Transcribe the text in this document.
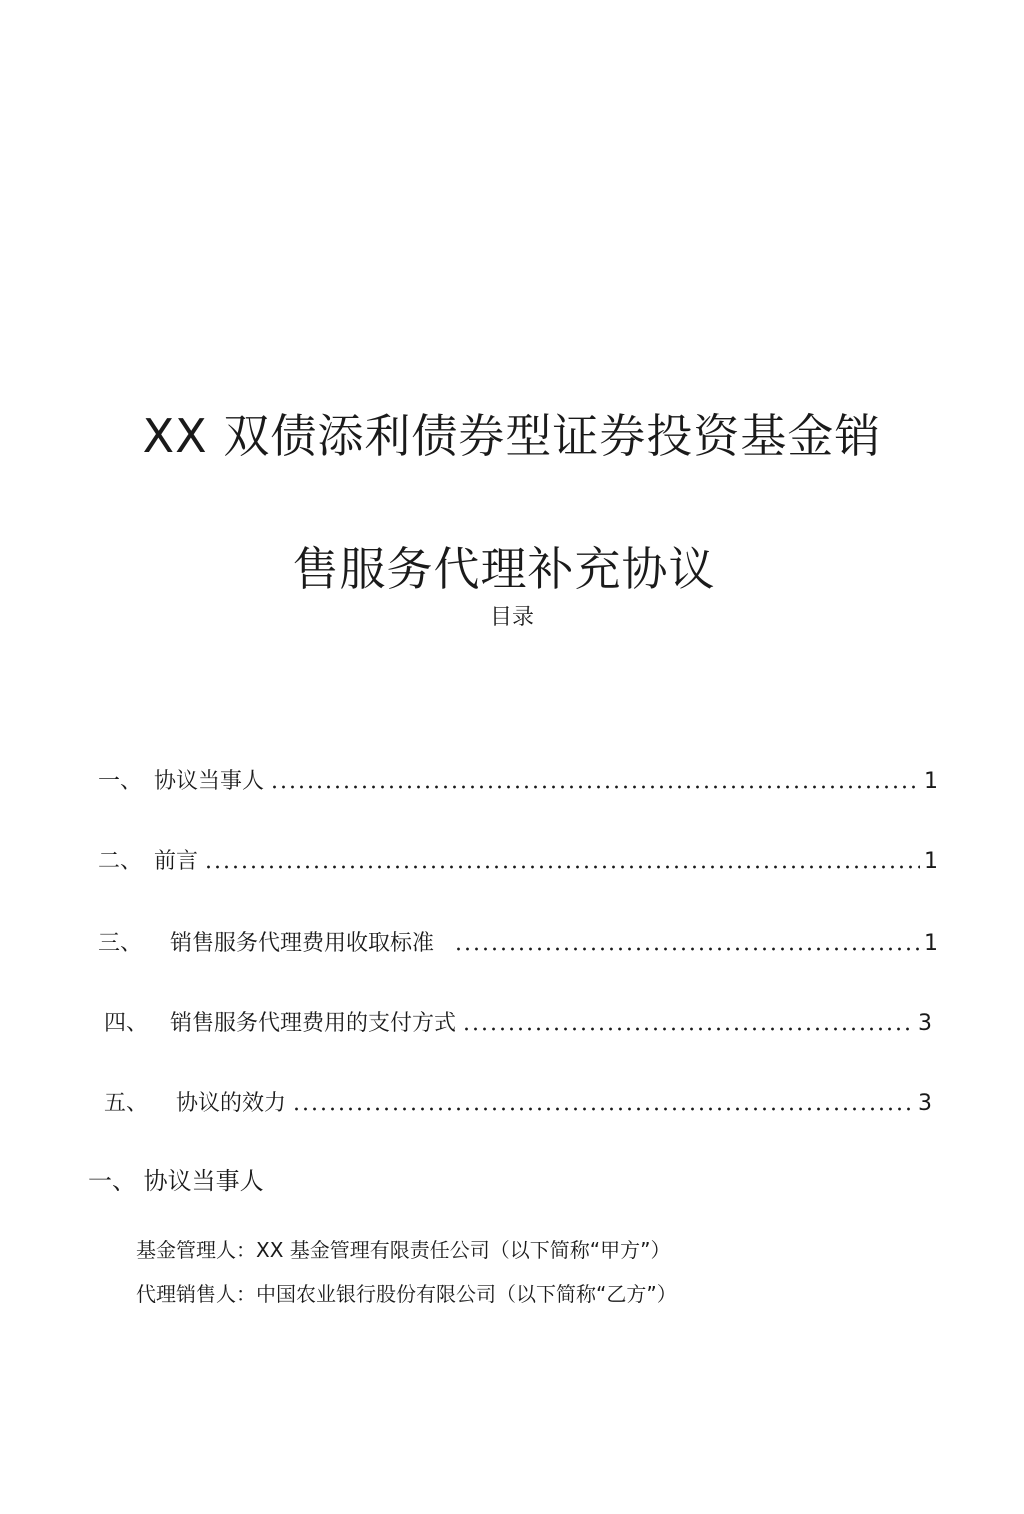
XX 双债添利债券型证券投资基金销
售服务代理补充协议
目录
一、 协议当事人	1
二、 前言	1
三、 销售服务代理费用收取标准	1
四、 销售服务代理费用的支付方式	3
五、 协议的效力	3
一、 协议当事人
基金管理人：XX 基金管理有限责任公司（以下简称“甲方”）
代理销售人：中国农业银行股份有限公司（以下简称“乙方”）
